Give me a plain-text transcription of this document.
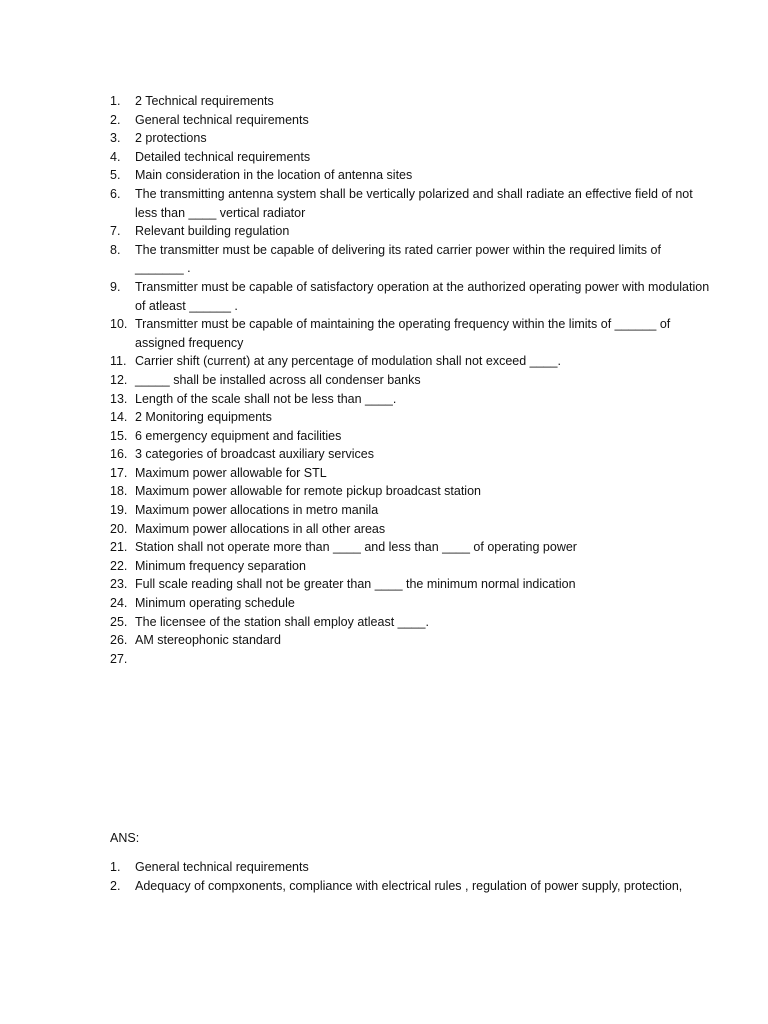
1.	2 Technical requirements
2.	General technical requirements
3.	2 protections
4.	Detailed technical requirements
5.	Main consideration in the location of antenna sites
6.	The transmitting antenna system shall be vertically polarized and shall radiate an effective field of not less than ____ vertical radiator
7.	Relevant building regulation
8.	The transmitter must be capable of delivering its rated carrier power within the required limits of _______ .
9.	Transmitter must be capable of satisfactory operation at the authorized operating power with modulation of atleast ______ .
10. Transmitter must be capable of maintaining the operating frequency within the limits of ______ of assigned frequency
11. Carrier shift (current) at any percentage of modulation shall not exceed ____.
12. _____ shall be installed across all condenser banks
13. Length of the scale shall not be less than ____.
14. 2 Monitoring equipments
15. 6 emergency equipment and facilities
16. 3 categories of broadcast auxiliary services
17. Maximum power allowable for STL
18. Maximum power allowable for remote pickup broadcast station
19. Maximum power allocations in metro manila
20. Maximum power allocations in all other areas
21. Station shall not operate more than ____ and less than ____ of operating power
22. Minimum frequency separation
23. Full scale reading shall not be greater than ____ the minimum normal indication
24. Minimum operating schedule
25. The licensee of the station shall employ atleast ____.
26. AM stereophonic standard
27.
ANS:
1.	General technical requirements
2.	Adequacy of compxonents, compliance with electrical rules , regulation of power supply, protection,
